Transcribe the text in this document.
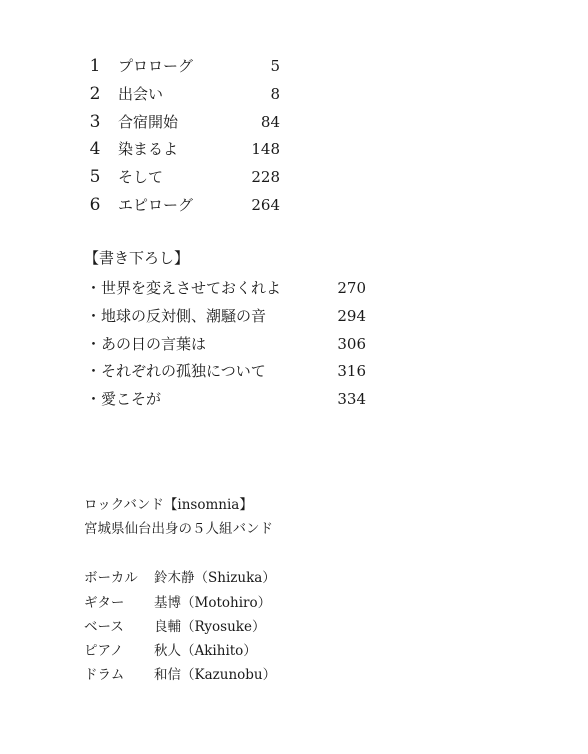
1 プロローグ	5
2 出会い	8
3 合宿開始	84
4 染まるよ	148
5 そして	228
6 エピローグ	264
【書き下ろし】
・世界を変えさせておくれよ	270
・地球の反対側、潮騒の音	294
・あの日の言葉は	306
・それぞれの孤独について	316
・愛こそが	334
ロックバンド【insomnia】
宮城県仙台出身の５人組バンド
ボーカル 鈴木静（Shizuka）
ギター 基博（Motohiro）
ベース 良輔（Ryosuke）
ピアノ 秋人（Akihito）
ドラム 和信（Kazunobu）
